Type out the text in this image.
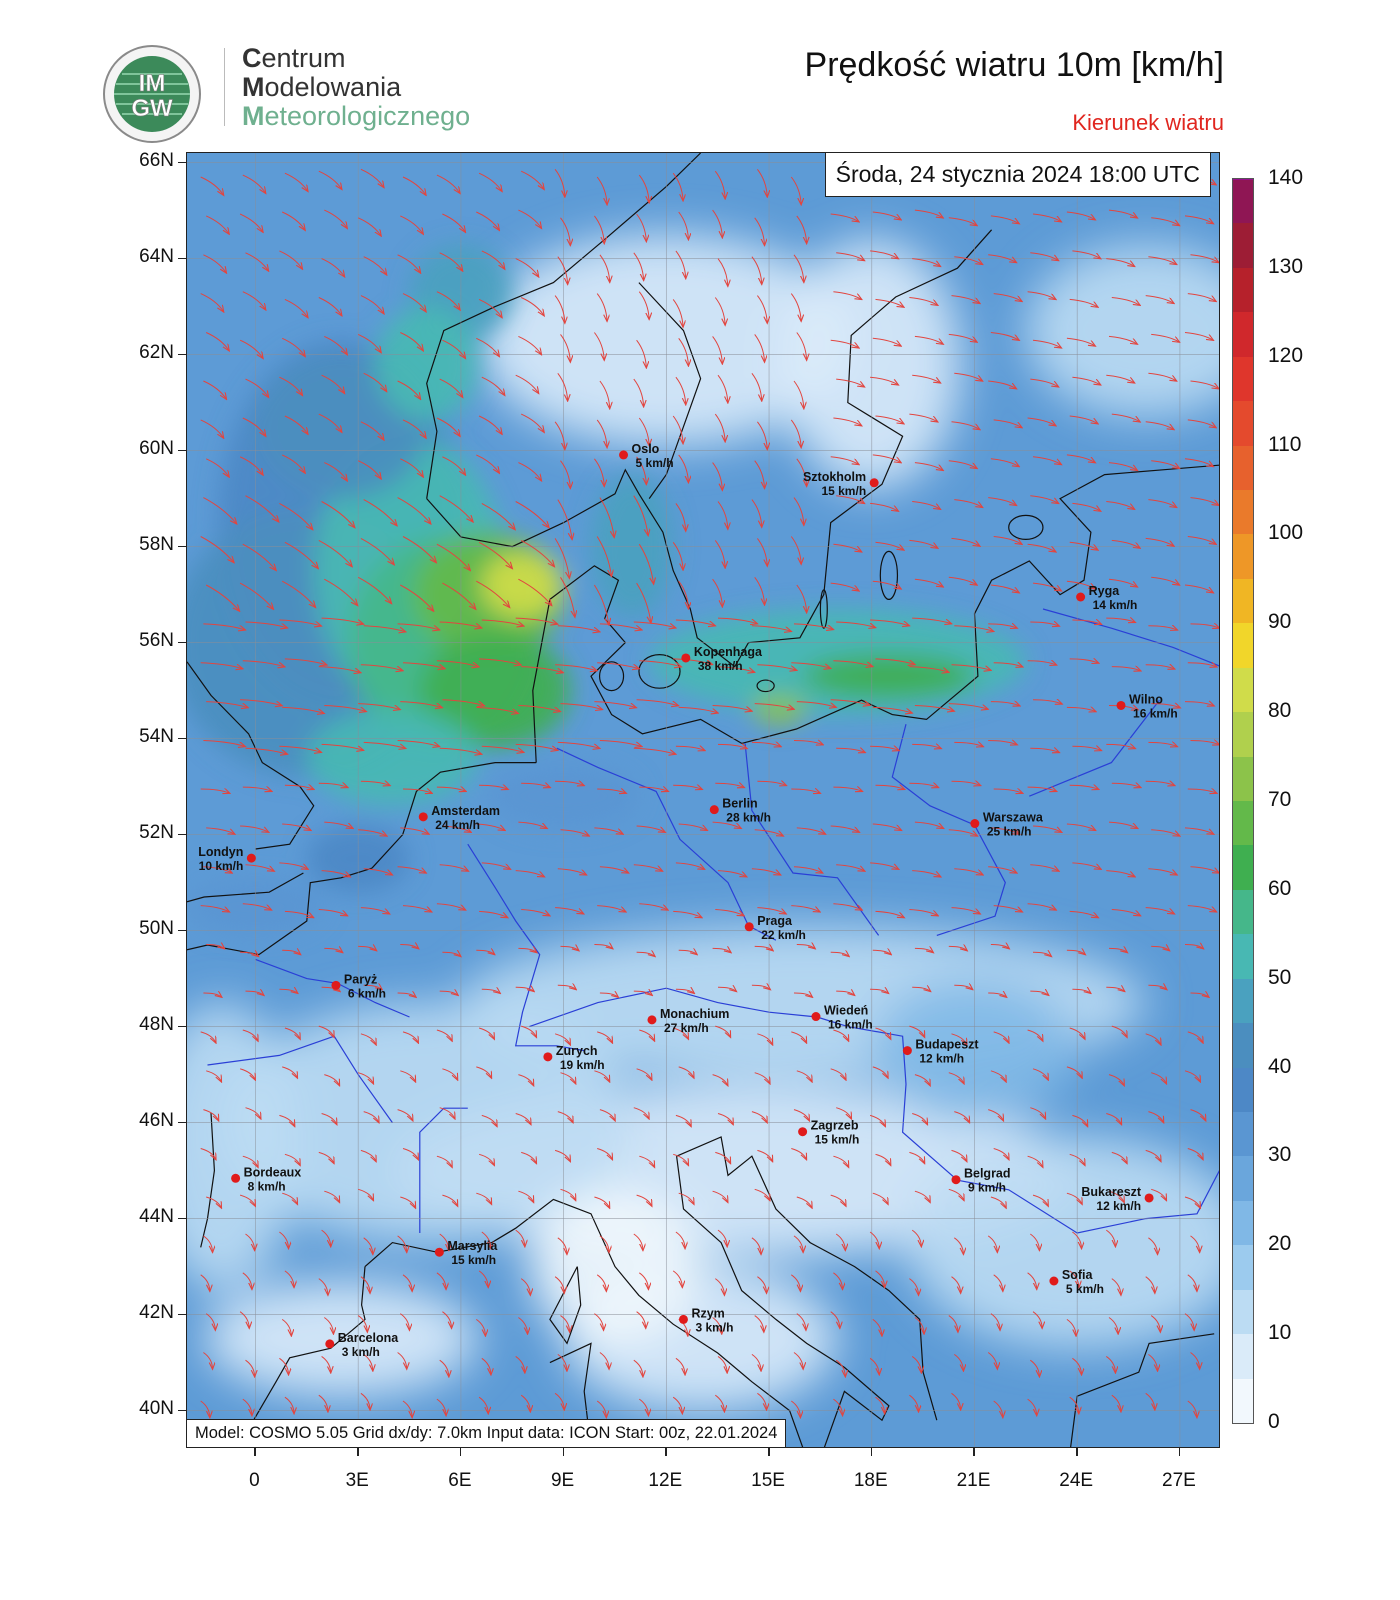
IM
GW
Centrum
Modelowania
Meteorologicznego
Prędkość wiatru 10m [km/h]
Kierunek wiatru
Oslo
5 km/h
Sztokholm
15 km/h
Ryga
14 km/h
Kopenhaga
38 km/h
Wilno
16 km/h
Amsterdam
24 km/h
Berlin
28 km/h	Warszawa
25 km/h
Londyn
10 km/h
Praga
22 km/h
Paryż
6 km/h
Monachium
27 km/h
Wiedeń
16 km/h
Zurych
19 km/h
Budapeszt
12 km/h
Zagrzeb
15 km/h
Bordeaux
8 km/h
Belgrad
9 km/h	Bukareszt
12 km/h
Marsylia
15 km/h
Sofia
5 km/h
Rzym
3 km/h
Barcelona
3 km/h
Środa, 24 stycznia 2024 18:00 UTC
Model: COSMO 5.05 Grid dx/dy: 7.0km Input data: ICON Start: 00z, 22.01.2024
66N
64N
62N
60N
58N
56N
54N
52N
50N
48N
46N
44N
42N
40N
0	3E	6E	9E	12E	15E	18E	21E	24E	27E
0
10
20
30
40
50
60
70
80
90
100
110
120
130
140
